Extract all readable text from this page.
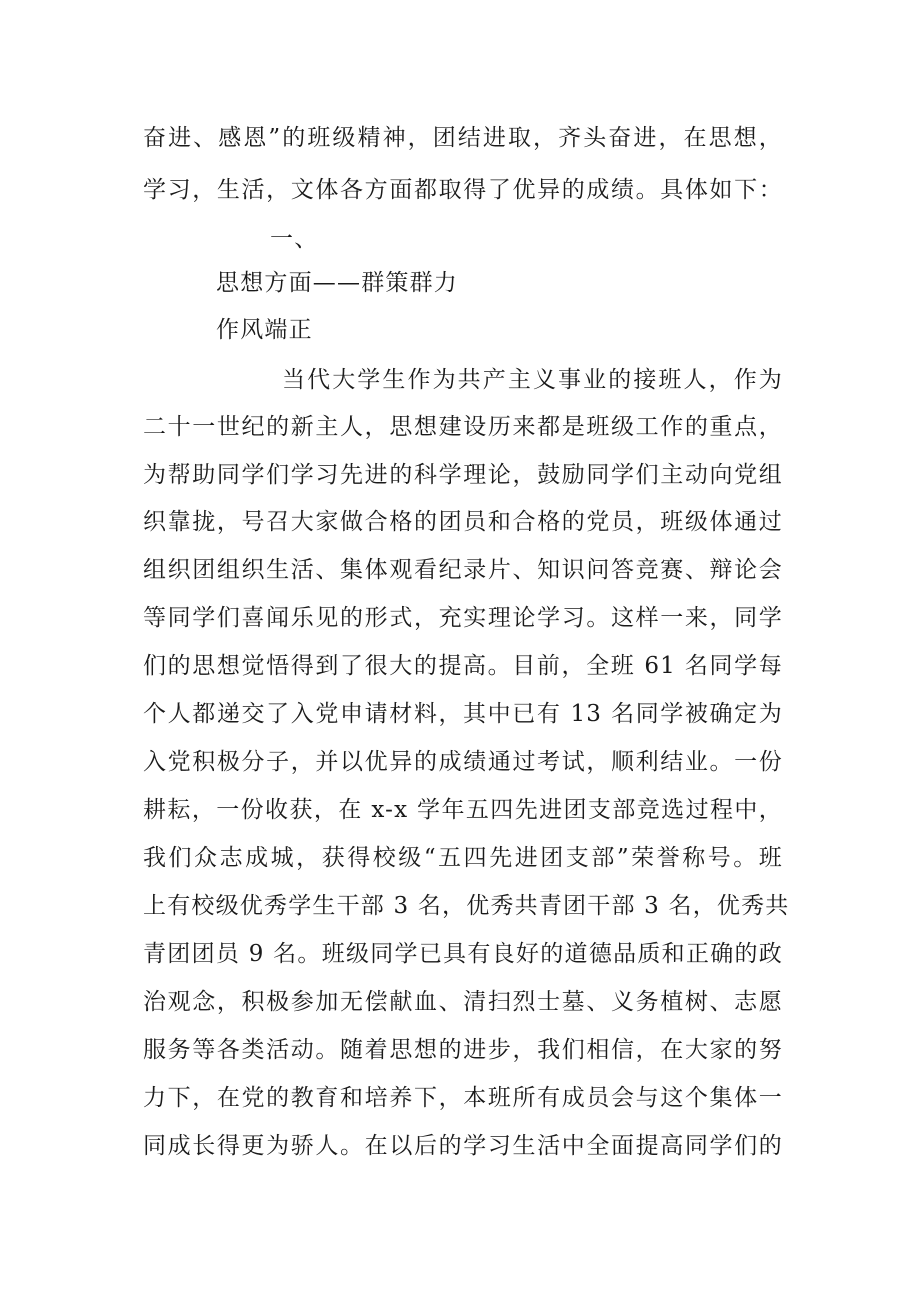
奋进、感恩”的班级精神，团结进取，齐头奋进，在思想，
学习，生活，文体各方面都取得了优异的成绩。具体如下：
一、
思想方面——群策群力
作风端正
当代大学生作为共产主义事业的接班人，作为
二十一世纪的新主人，思想建设历来都是班级工作的重点，
为帮助同学们学习先进的科学理论，鼓励同学们主动向党组
织靠拢，号召大家做合格的团员和合格的党员，班级体通过
组织团组织生活、集体观看纪录片、知识问答竞赛、辩论会
等同学们喜闻乐见的形式，充实理论学习。这样一来，同学
们的思想觉悟得到了很大的提高。目前，全班 61 名同学每
个人都递交了入党申请材料，其中已有 13 名同学被确定为
入党积极分子，并以优异的成绩通过考试，顺利结业。一份
耕耘，一份收获，在 x-x 学年五四先进团支部竞选过程中，
我们众志成城，获得校级“五四先进团支部”荣誉称号。班
上有校级优秀学生干部 3 名，优秀共青团干部 3 名，优秀共
青团团员 9 名。班级同学已具有良好的道德品质和正确的政
治观念，积极参加无偿献血、清扫烈士墓、义务植树、志愿
服务等各类活动。随着思想的进步，我们相信，在大家的努
力下，在党的教育和培养下，本班所有成员会与这个集体一
同成长得更为骄人。在以后的学习生活中全面提高同学们的
